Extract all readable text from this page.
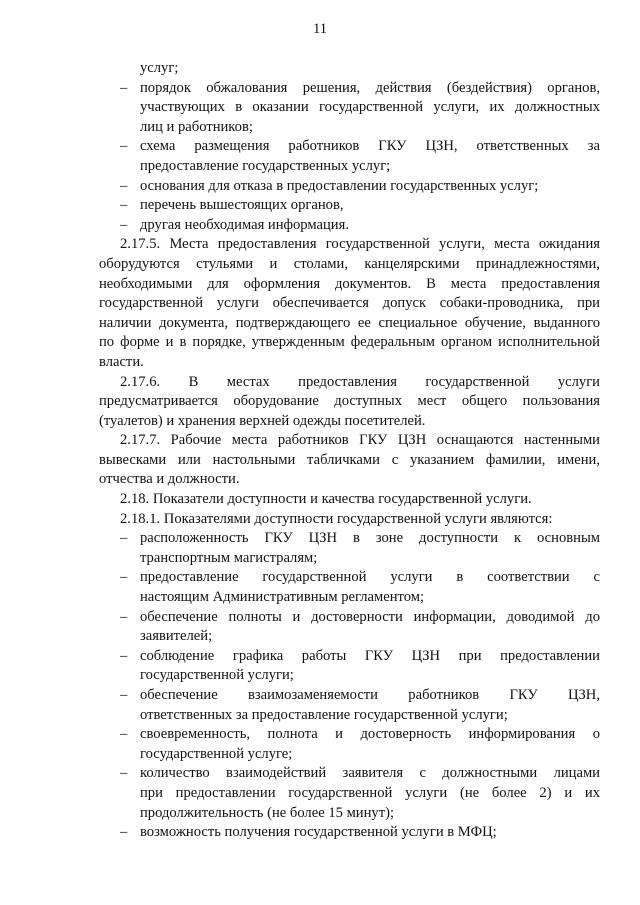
11
услуг;
– порядок обжалования решения, действия (бездействия) органов,
участвующих в оказании государственной услуги, их должностных
лиц и работников;
– схема размещения работников ГКУ ЦЗН, ответственных за
предоставление государственных услуг;
– основания для отказа в предоставлении государственных услуг;
– перечень вышестоящих органов,
– другая необходимая информация.
2.17.5. Места предоставления государственной услуги, места ожидания
оборудуются стульями и столами, канцелярскими принадлежностями,
необходимыми для оформления документов. В места предоставления
государственной услуги обеспечивается допуск собаки-проводника, при
наличии документа, подтверждающего ее специальное обучение, выданного
по форме и в порядке, утвержденным федеральным органом исполнительной
власти.
2.17.6. В местах предоставления государственной услуги
предусматривается оборудование доступных мест общего пользования
(туалетов) и хранения верхней одежды посетителей.
2.17.7. Рабочие места работников ГКУ ЦЗН оснащаются настенными
вывесками или настольными табличками с указанием фамилии, имени,
отчества и должности.
2.18. Показатели доступности и качества государственной услуги.
2.18.1. Показателями доступности государственной услуги являются:
– расположенность ГКУ ЦЗН в зоне доступности к основным
транспортным магистралям;
– предоставление государственной услуги в соответствии с
настоящим Административным регламентом;
– обеспечение полноты и достоверности информации, доводимой до
заявителей;
– соблюдение графика работы ГКУ ЦЗН при предоставлении
государственной услуги;
– обеспечение взаимозаменяемости работников ГКУ ЦЗН,
ответственных за предоставление государственной услуги;
– своевременность, полнота и достоверность информирования о
государственной услуге;
– количество взаимодействий заявителя с должностными лицами
при предоставлении государственной услуги (не более 2) и их
продолжительность (не более 15 минут);
– возможность получения государственной услуги в МФЦ;
